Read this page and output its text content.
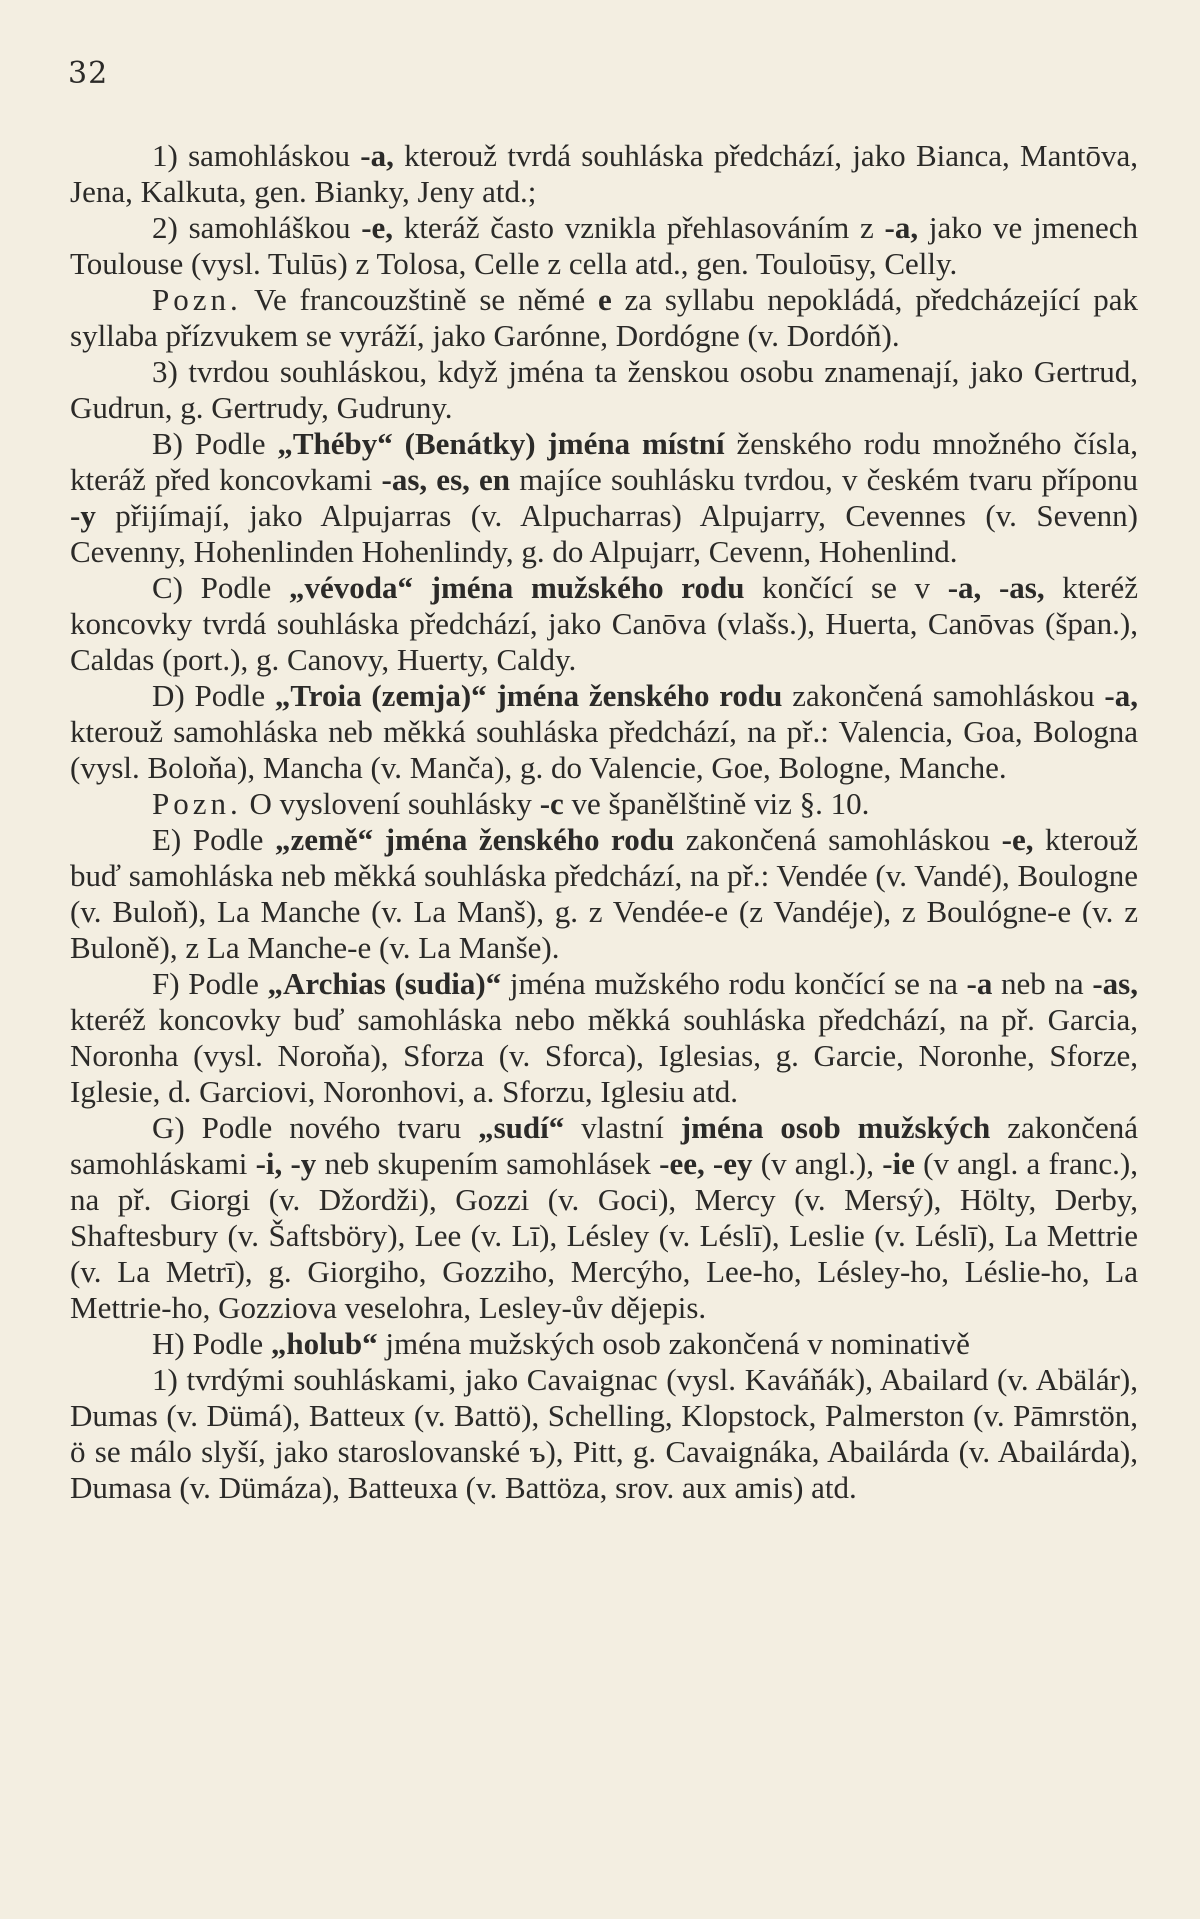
32

1) samohláskou -a, kterouž tvrdá souhláska předchází, jako Bianca, Mantōva, Jena, Kalkuta, gen. Bianky, Jeny atd.;

2) samohláškou -e, kteráž často vznikla přehlasováním z -a, jako ve jmenech Toulouse (vysl. Tulūs) z Tolosa, Celle z cella atd., gen. Touloūsy, Celly.

Pozn. Ve francouzštině se němé e za syllabu nepokládá, předcházející pak syllaba přízvukem se vyráží, jako Garónne, Dordógne (v. Dordóň).

3) tvrdou souhláskou, když jména ta ženskou osobu znamenají, jako Gertrud, Gudrun, g. Gertrudy, Gudruny.

B) Podle „Théby“ (Benátky) jména místní ženského rodu množného čísla, kteráž před koncovkami -as, es, en majíce souhlásku tvrdou, v českém tvaru příponu -y přijímají, jako Alpujarras (v. Alpucharras) Alpujarry, Cevennes (v. Sevenn) Cevenny, Hohenlinden Hohenlindy, g. do Alpujarr, Cevenn, Hohenlind.

C) Podle „vévoda“ jména mužského rodu končící se v -a, -as, kteréž koncovky tvrdá souhláska předchází, jako Canōva (vlašs.), Huerta, Canōvas (špan.), Caldas (port.), g. Canovy, Huerty, Caldy.

D) Podle „Troia (zemja)“ jména ženského rodu zakončená samohláskou -a, kterouž samohláska neb měkká souhláska předchází, na př.: Valencia, Goa, Bologna (vysl. Boloňa), Mancha (v. Manča), g. do Valencie, Goe, Bologne, Manche.

Pozn. O vyslovení souhlásky -c ve španělštině viz §. 10.

E) Podle „země“ jména ženského rodu zakončená samohláskou -e, kterouž buď samohláska neb měkká souhláska předchází, na př.: Vendée (v. Vandé), Boulogne (v. Buloň), La Manche (v. La Manš), g. z Vendée-e (z Vandéje), z Boulógne-e (v. z Buloně), z La Manche-e (v. La Manše).

F) Podle „Archias (sudia)“ jména mužského rodu končící se na -a neb na -as, kteréž koncovky buď samohláska nebo měkká souhláska předchází, na př. Garcia, Noronha (vysl. Noroňa), Sforza (v. Sforca), Iglesias, g. Garcie, Noronhe, Sforze, Iglesie, d. Garciovi, Noronhovi, a. Sforzu, Iglesiu atd.

G) Podle nového tvaru „sudí“ vlastní jména osob mužských zakončená samohláskami -i, -y neb skupením samohlásek -ee, -ey (v angl.), -ie (v angl. a franc.), na př. Giorgi (v. Džordži), Gozzi (v. Goci), Mercy (v. Mersý), Hölty, Derby, Shaftesbury (v. Šaftsböry), Lee (v. Lī), Lésley (v. Léslī), Leslie (v. Léslī), La Mettrie (v. La Metrī), g. Giorgiho, Gozziho, Mercýho, Lee-ho, Lésley-ho, Léslie-ho, La Mettrie-ho, Gozziova veselohra, Lesley-ův dějepis.

H) Podle „holub“ jména mužských osob zakončená v nominativě

1) tvrdými souhláskami, jako Cavaignac (vysl. Kaváňák), Abailard (v. Abälár), Dumas (v. Dümá), Batteux (v. Battö), Schelling, Klopstock, Palmerston (v. Pāmrstön, ö se málo slyší, jako staroslovanské ъ), Pitt, g. Cavaignáka, Abailárda (v. Abailárda), Dumasa (v. Dümáza), Batteuxa (v. Battöza, srov. aux amis) atd.
